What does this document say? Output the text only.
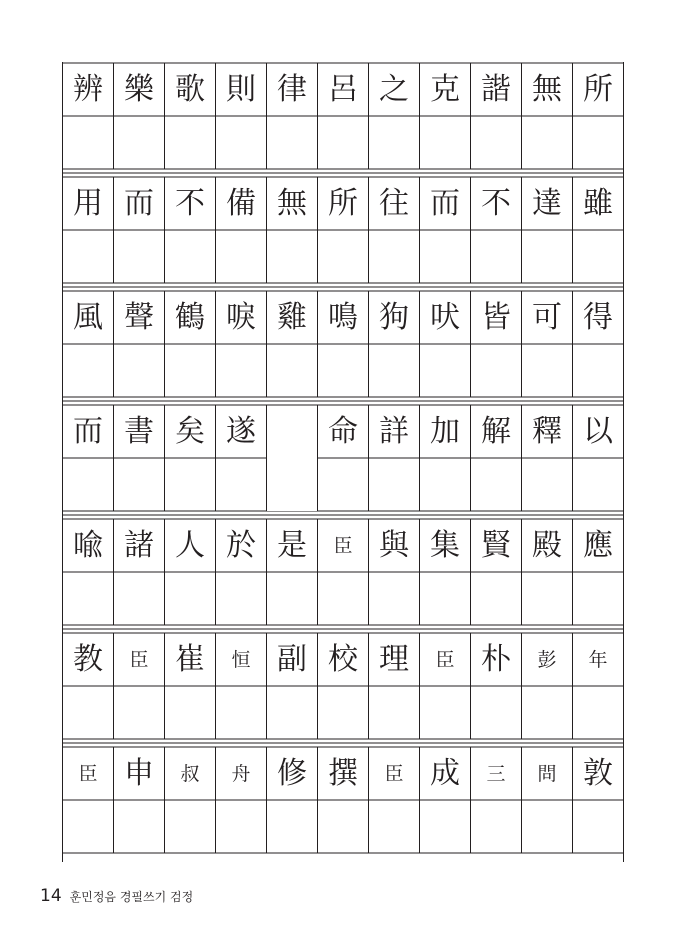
辨 樂 歌 則 律 呂 之 克 諧 無 所
用 而 不 備 無 所 往 而 不 達 雖
風 聲 鶴 唳 雞 鳴 狗 吠 皆 可 得
而 書 矣 遂	命 詳 加 解 釋 以
喩 諸 人 於 是	臣 與 集 賢 殿 應
教	臣 崔	恒 副 校 理	臣 朴	彭	年
臣 申	叔	舟 修 撰	臣 成	三	問 敦
14 훈민정음 경필쓰기 검정
